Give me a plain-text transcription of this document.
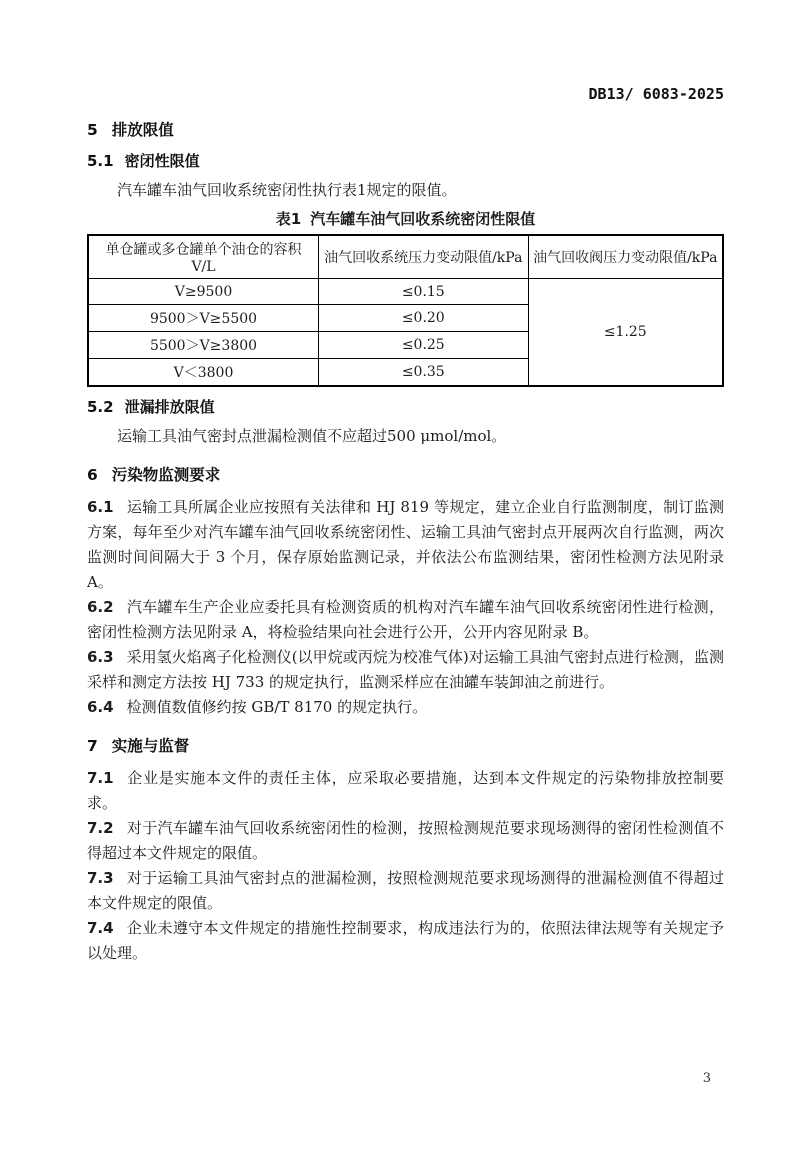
DB13/ 6083-2025
5 排放限值
5.1 密闭性限值

汽车罐车油气回收系统密闭性执行表1规定的限值。

表1 汽车罐车油气回收系统密闭性限值
单仓罐或多仓罐单个油仓的容积 V/L	油气回收系统压力变动限值/kPa	油气回收阀压力变动限值/kPa
V≥9500	≤0.15	≤1.25
9500＞V≥5500	≤0.20	
5500＞V≥3800	≤0.25	
V＜3800	≤0.35	
5.2 泄漏排放限值

运输工具油气密封点泄漏检测值不应超过500 μmol/mol。

6 污染物监测要求

6.1 运输工具所属企业应按照有关法律和 HJ 819 等规定，建立企业自行监测制度，制订监测方案，每年至少对汽车罐车油气回收系统密闭性、运输工具油气密封点开展两次自行监测，两次监测时间间隔大于 3 个月，保存原始监测记录，并依法公布监测结果，密闭性检测方法见附录 A。

6.2 汽车罐车生产企业应委托具有检测资质的机构对汽车罐车油气回收系统密闭性进行检测，密闭性检测方法见附录 A，将检验结果向社会进行公开，公开内容见附录 B。

6.3 采用氢火焰离子化检测仪(以甲烷或丙烷为校准气体)对运输工具油气密封点进行检测，监测采样和测定方法按 HJ 733 的规定执行，监测采样应在油罐车装卸油之前进行。

6.4 检测值数值修约按 GB/T 8170 的规定执行。

7 实施与监督

7.1 企业是实施本文件的责任主体，应采取必要措施，达到本文件规定的污染物排放控制要求。

7.2 对于汽车罐车油气回收系统密闭性的检测，按照检测规范要求现场测得的密闭性检测值不得超过本文件规定的限值。

7.3 对于运输工具油气密封点的泄漏检测，按照检测规范要求现场测得的泄漏检测值不得超过本文件规定的限值。

7.4 企业未遵守本文件规定的措施性控制要求，构成违法行为的，依照法律法规等有关规定予以处理。

3
